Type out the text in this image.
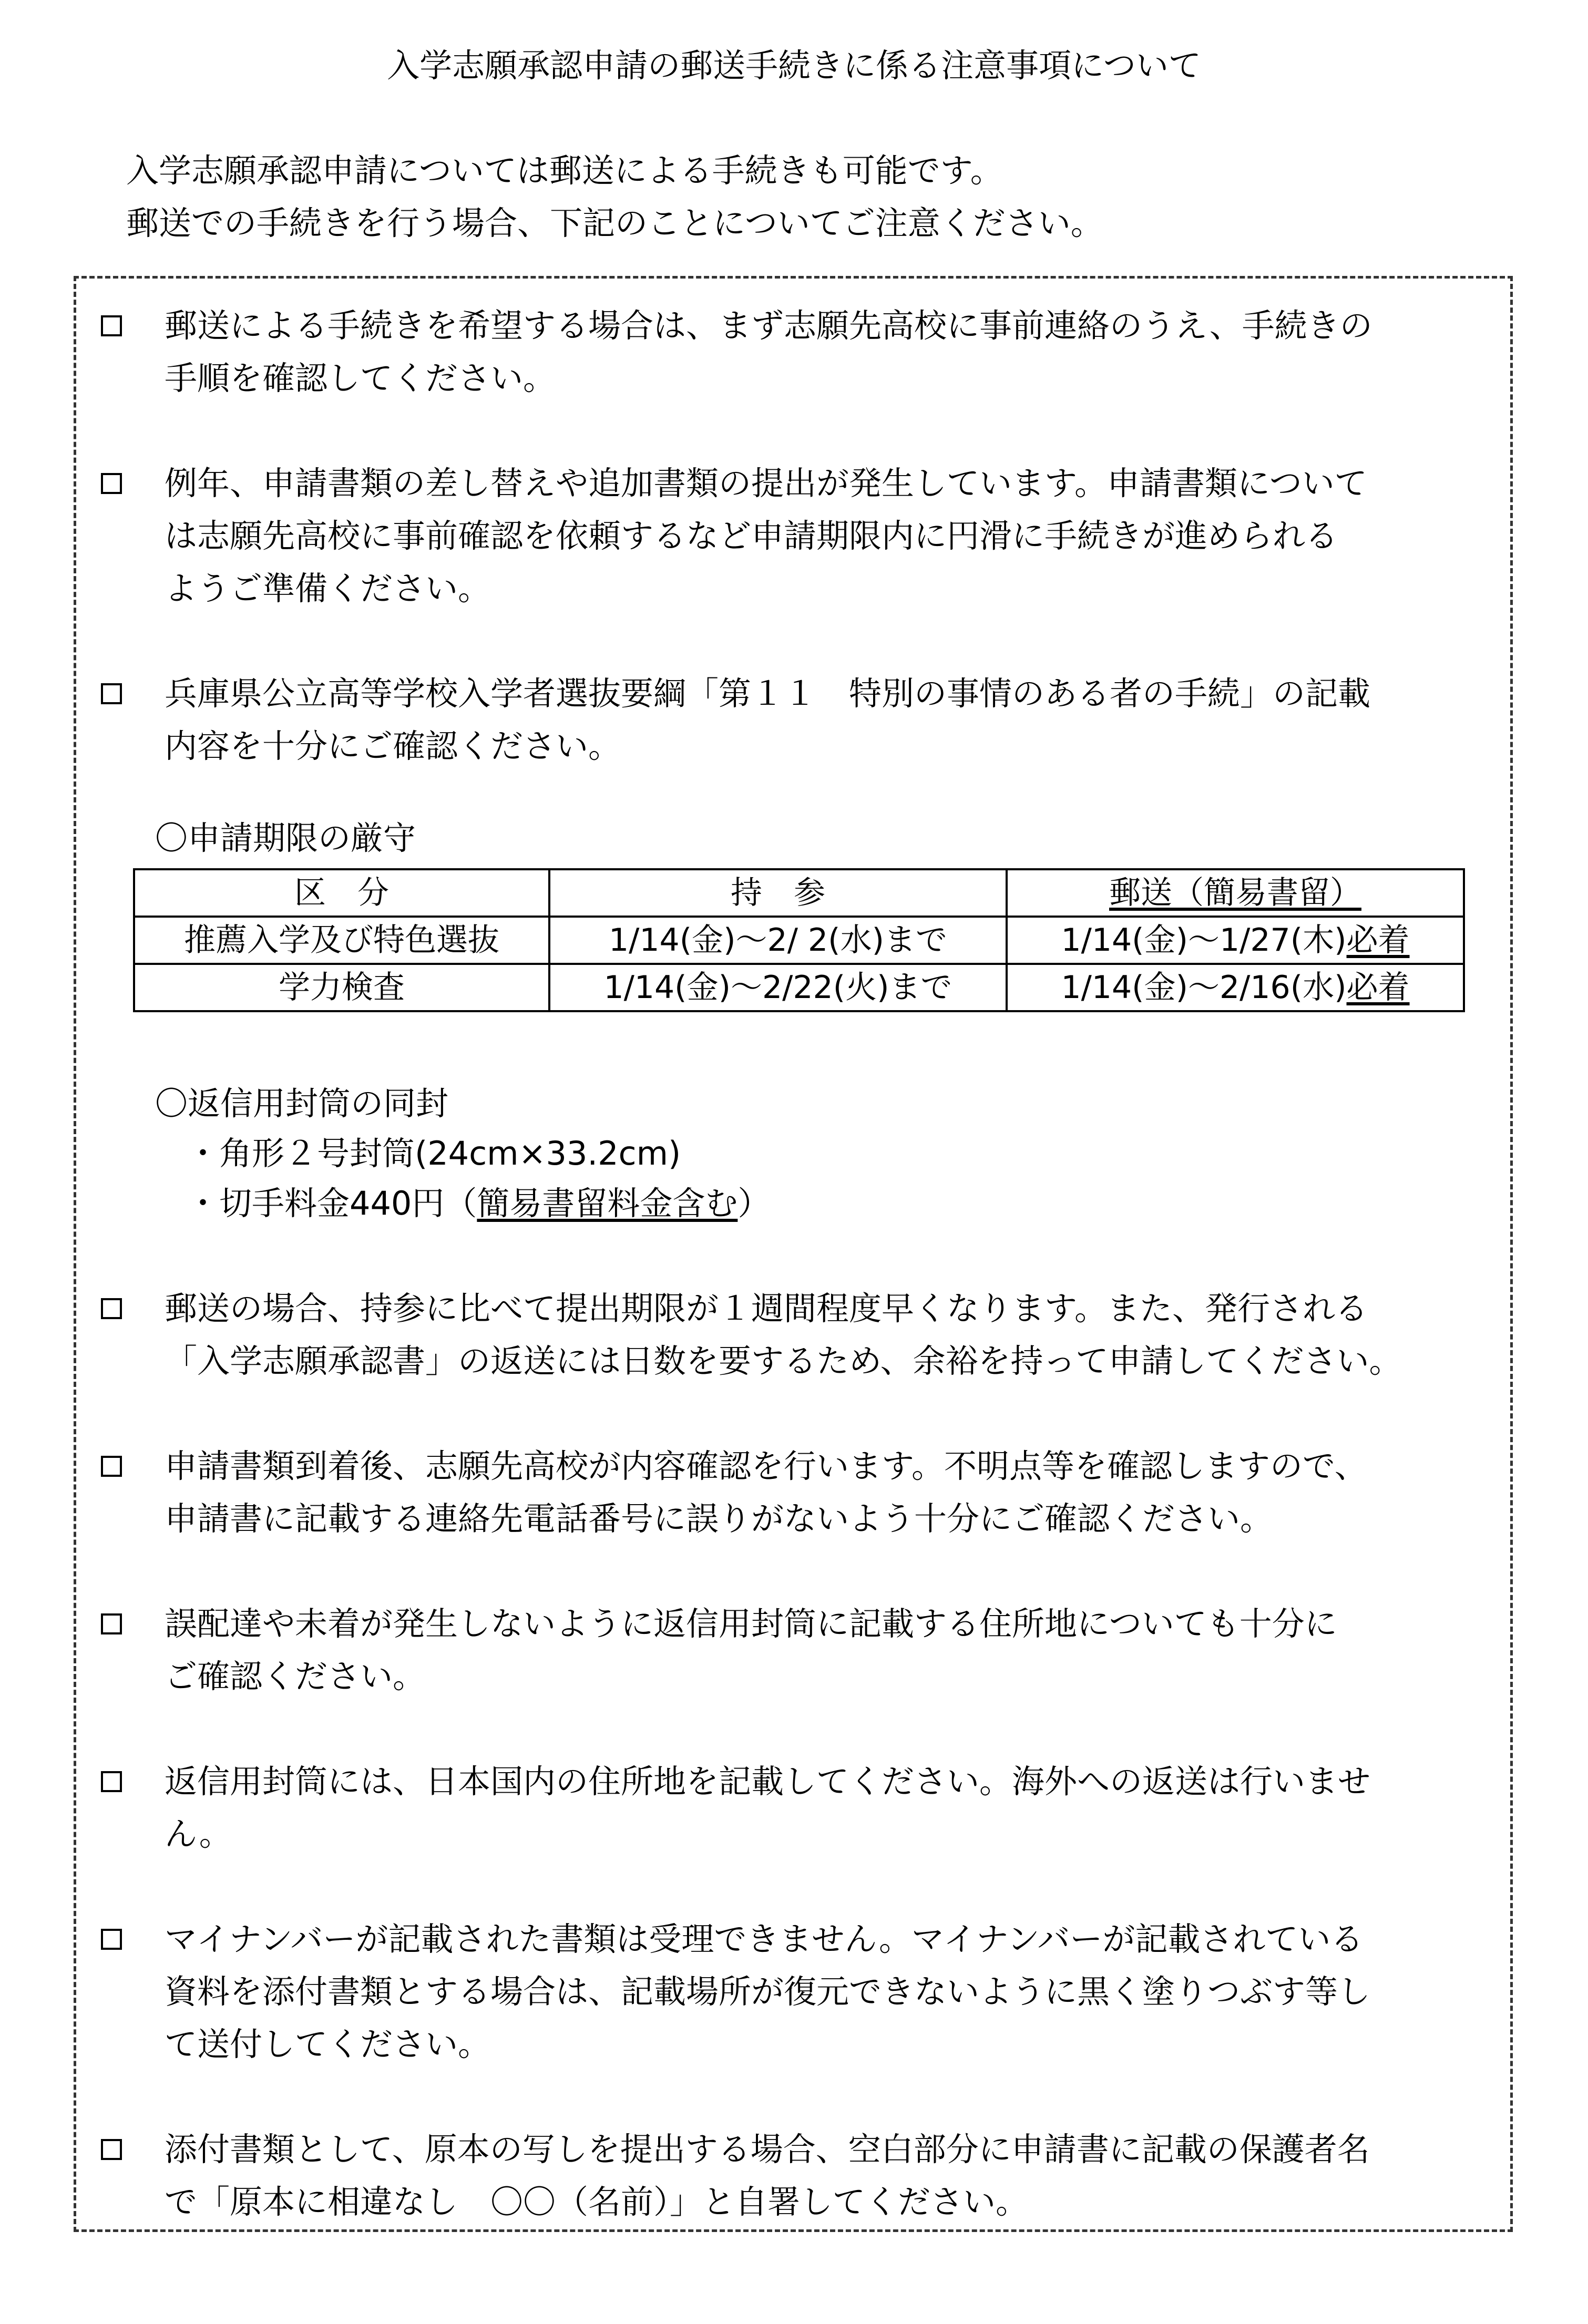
入学志願承認申請の郵送手続きに係る注意事項について
入学志願承認申請については郵送による手続きも可能です。
郵送での手続きを行う場合、下記のことについてご注意ください。
郵送による手続きを希望する場合は、まず志願先高校に事前連絡のうえ、手続きの
手順を確認してください。
例年、申請書類の差し替えや追加書類の提出が発生しています。申請書類について
は志願先高校に事前確認を依頼するなど申請期限内に円滑に手続きが進められる
ようご準備ください。
兵庫県公立高等学校入学者選抜要綱「第１１　特別の事情のある者の手続」の記載
内容を十分にご確認ください。
〇申請期限の厳守
区　分	持　参	郵送（簡易書留）
推薦入学及び特色選抜	1/14(金)～2/ 2(水)まで	1/14(金)～1/27(木)必着
学力検査	1/14(金)～2/22(火)まで	1/14(金)～2/16(水)必着
〇返信用封筒の同封
・角形２号封筒(24cm×33.2cm)
・切手料金440円（簡易書留料金含む）
郵送の場合、持参に比べて提出期限が１週間程度早くなります。また、発行される
「入学志願承認書」の返送には日数を要するため、余裕を持って申請してください。
申請書類到着後、志願先高校が内容確認を行います。不明点等を確認しますので、
申請書に記載する連絡先電話番号に誤りがないよう十分にご確認ください。
誤配達や未着が発生しないように返信用封筒に記載する住所地についても十分に
ご確認ください。
返信用封筒には、日本国内の住所地を記載してください。海外への返送は行いませ
ん。
マイナンバーが記載された書類は受理できません。マイナンバーが記載されている
資料を添付書類とする場合は、記載場所が復元できないように黒く塗りつぶす等し
て送付してください。
添付書類として、原本の写しを提出する場合、空白部分に申請書に記載の保護者名
で「原本に相違なし　〇〇（名前）」と自署してください。
